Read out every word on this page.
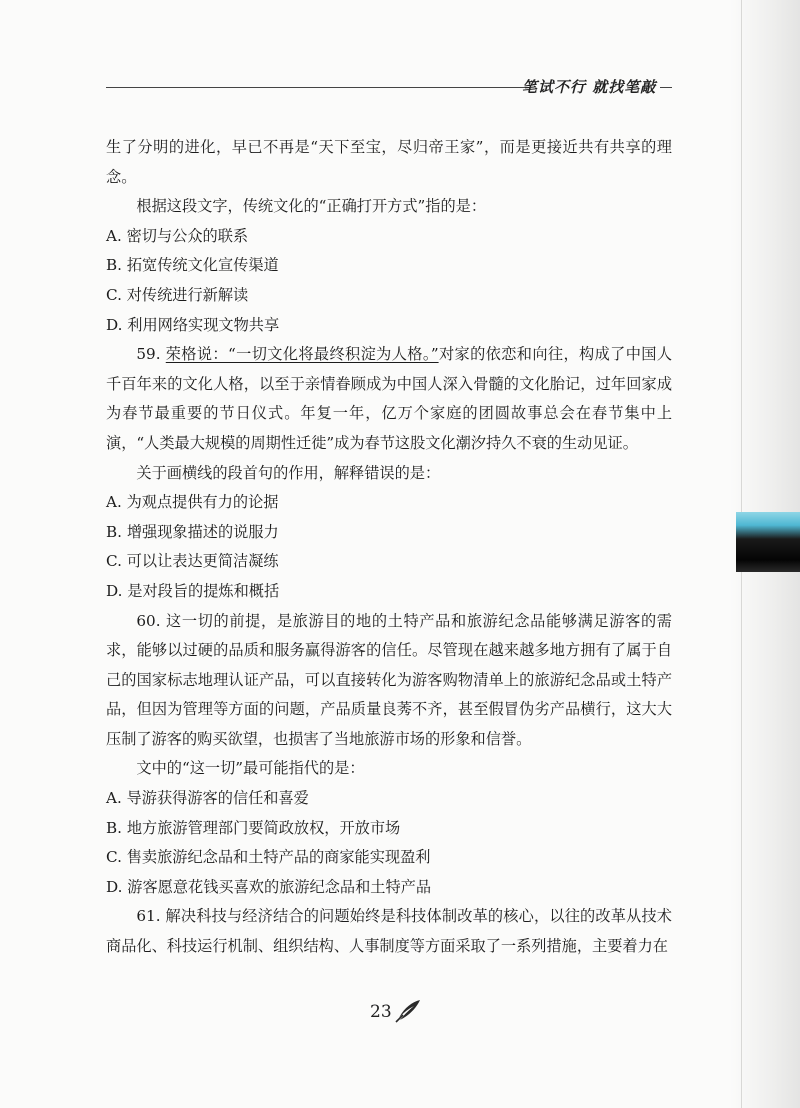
笔试不行 就找笔敲

生了分明的进化，早已不再是“天下至宝，尽归帝王家”，而是更接近共有共享的理念。

根据这段文字，传统文化的“正确打开方式”指的是：

A. 密切与公众的联系

B. 拓宽传统文化宣传渠道

C. 对传统进行新解读

D. 利用网络实现文物共享

59. 荣格说：“一切文化将最终积淀为人格。”对家的依恋和向往，构成了中国人千百年来的文化人格，以至于亲情眷顾成为中国人深入骨髓的文化胎记，过年回家成为春节最重要的节日仪式。年复一年，亿万个家庭的团圆故事总会在春节集中上演，“人类最大规模的周期性迁徙”成为春节这股文化潮汐持久不衰的生动见证。

关于画横线的段首句的作用，解释错误的是：

A. 为观点提供有力的论据

B. 增强现象描述的说服力

C. 可以让表达更简洁凝练

D. 是对段旨的提炼和概括

60. 这一切的前提，是旅游目的地的土特产品和旅游纪念品能够满足游客的需求，能够以过硬的品质和服务赢得游客的信任。尽管现在越来越多地方拥有了属于自己的国家标志地理认证产品，可以直接转化为游客购物清单上的旅游纪念品或土特产品，但因为管理等方面的问题，产品质量良莠不齐，甚至假冒伪劣产品横行，这大大压制了游客的购买欲望，也损害了当地旅游市场的形象和信誉。

文中的“这一切”最可能指代的是：

A. 导游获得游客的信任和喜爱

B. 地方旅游管理部门要简政放权，开放市场

C. 售卖旅游纪念品和土特产品的商家能实现盈利

D. 游客愿意花钱买喜欢的旅游纪念品和土特产品

61. 解决科技与经济结合的问题始终是科技体制改革的核心，以往的改革从技术商品化、科技运行机制、组织结构、人事制度等方面采取了一系列措施，主要着力在

23
